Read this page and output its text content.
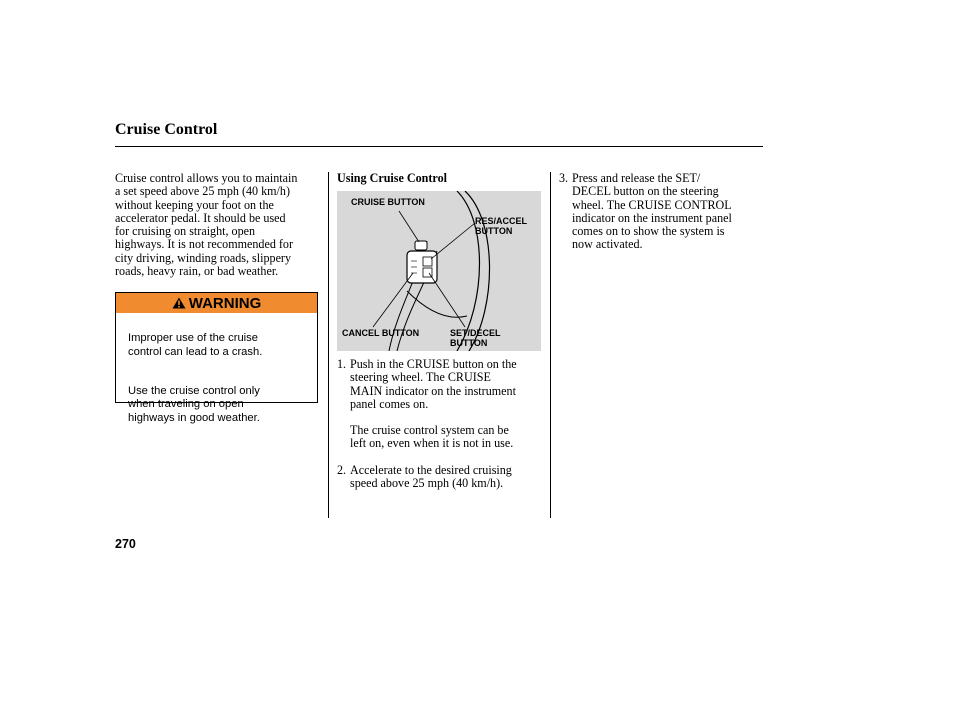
Cruise Control

Cruise control allows you to maintain
a set speed above 25 mph (40 km/h)
without keeping your foot on the
accelerator pedal. It should be used
for cruising on straight, open
highways. It is not recommended for
city driving, winding roads, slippery
roads, heavy rain, or bad weather.

WARNING

Improper use of the cruise
control can lead to a crash.

Use the cruise control only
when traveling on open
highways in good weather.

Using Cruise Control

CRUISE BUTTON
RES/ACCEL
BUTTON
CANCEL BUTTON	SET/DECEL
BUTTON
1. Push in the CRUISE button on the
steering wheel. The CRUISE
MAIN indicator on the instrument
panel comes on.

The cruise control system can be
left on, even when it is not in use.

2. Accelerate to the desired cruising
speed above 25 mph (40 km/h).

3. Press and release the SET/
DECEL button on the steering
wheel. The CRUISE CONTROL
indicator on the instrument panel
comes on to show the system is
now activated.

270
